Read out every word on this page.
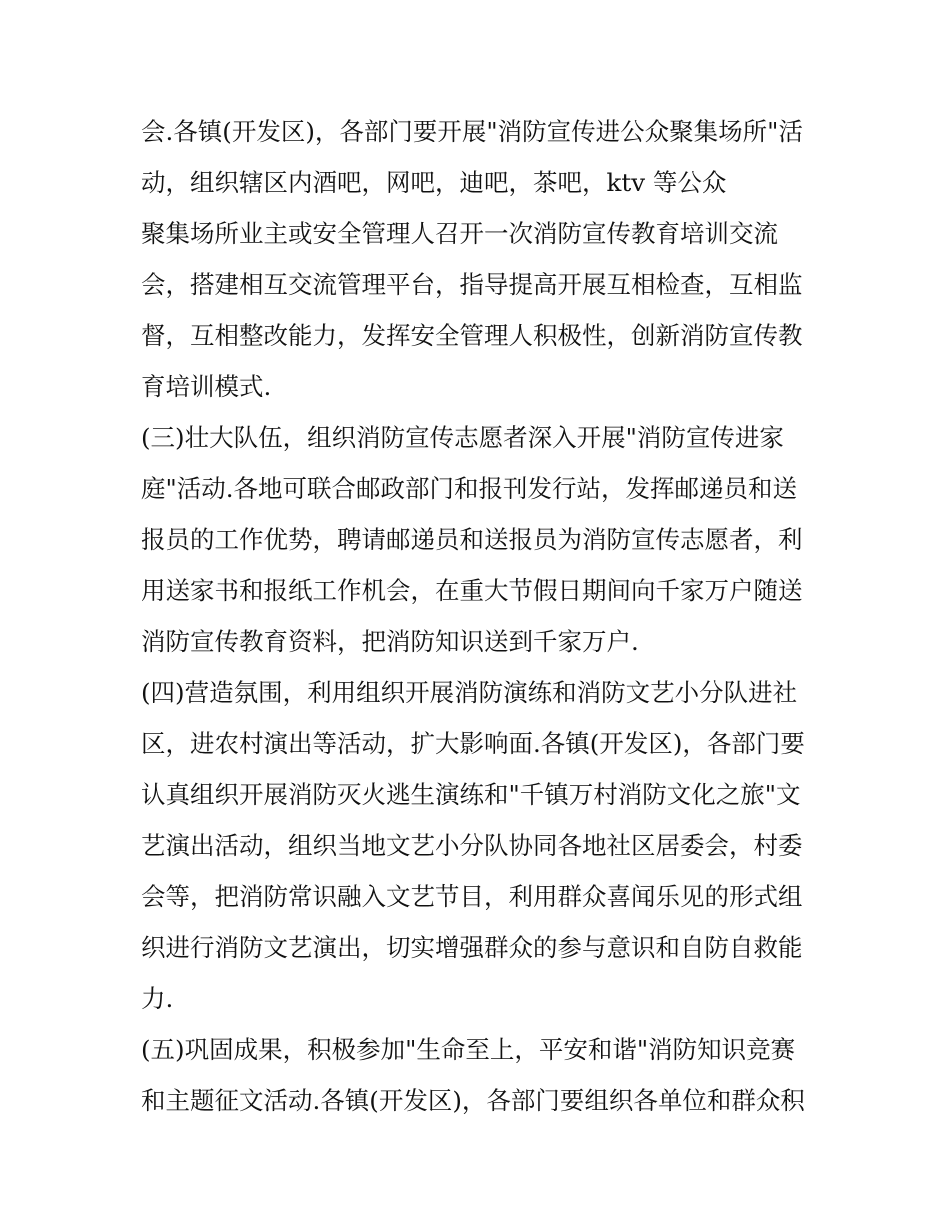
会.各镇(开发区)，各部门要开展"消防宣传进公众聚集场所"活
动，组织辖区内酒吧，网吧，迪吧，茶吧，ktv 等公众
聚集场所业主或安全管理人召开一次消防宣传教育培训交流
会，搭建相互交流管理平台，指导提高开展互相检查，互相监
督，互相整改能力，发挥安全管理人积极性，创新消防宣传教
育培训模式.
(三)壮大队伍，组织消防宣传志愿者深入开展"消防宣传进家
庭"活动.各地可联合邮政部门和报刊发行站，发挥邮递员和送
报员的工作优势，聘请邮递员和送报员为消防宣传志愿者，利
用送家书和报纸工作机会，在重大节假日期间向千家万户随送
消防宣传教育资料，把消防知识送到千家万户.
(四)营造氛围，利用组织开展消防演练和消防文艺小分队进社
区，进农村演出等活动，扩大影响面.各镇(开发区)，各部门要
认真组织开展消防灭火逃生演练和"千镇万村消防文化之旅"文
艺演出活动，组织当地文艺小分队协同各地社区居委会，村委
会等，把消防常识融入文艺节目，利用群众喜闻乐见的形式组
织进行消防文艺演出，切实增强群众的参与意识和自防自救能
力.
(五)巩固成果，积极参加"生命至上，平安和谐"消防知识竞赛
和主题征文活动.各镇(开发区)，各部门要组织各单位和群众积
